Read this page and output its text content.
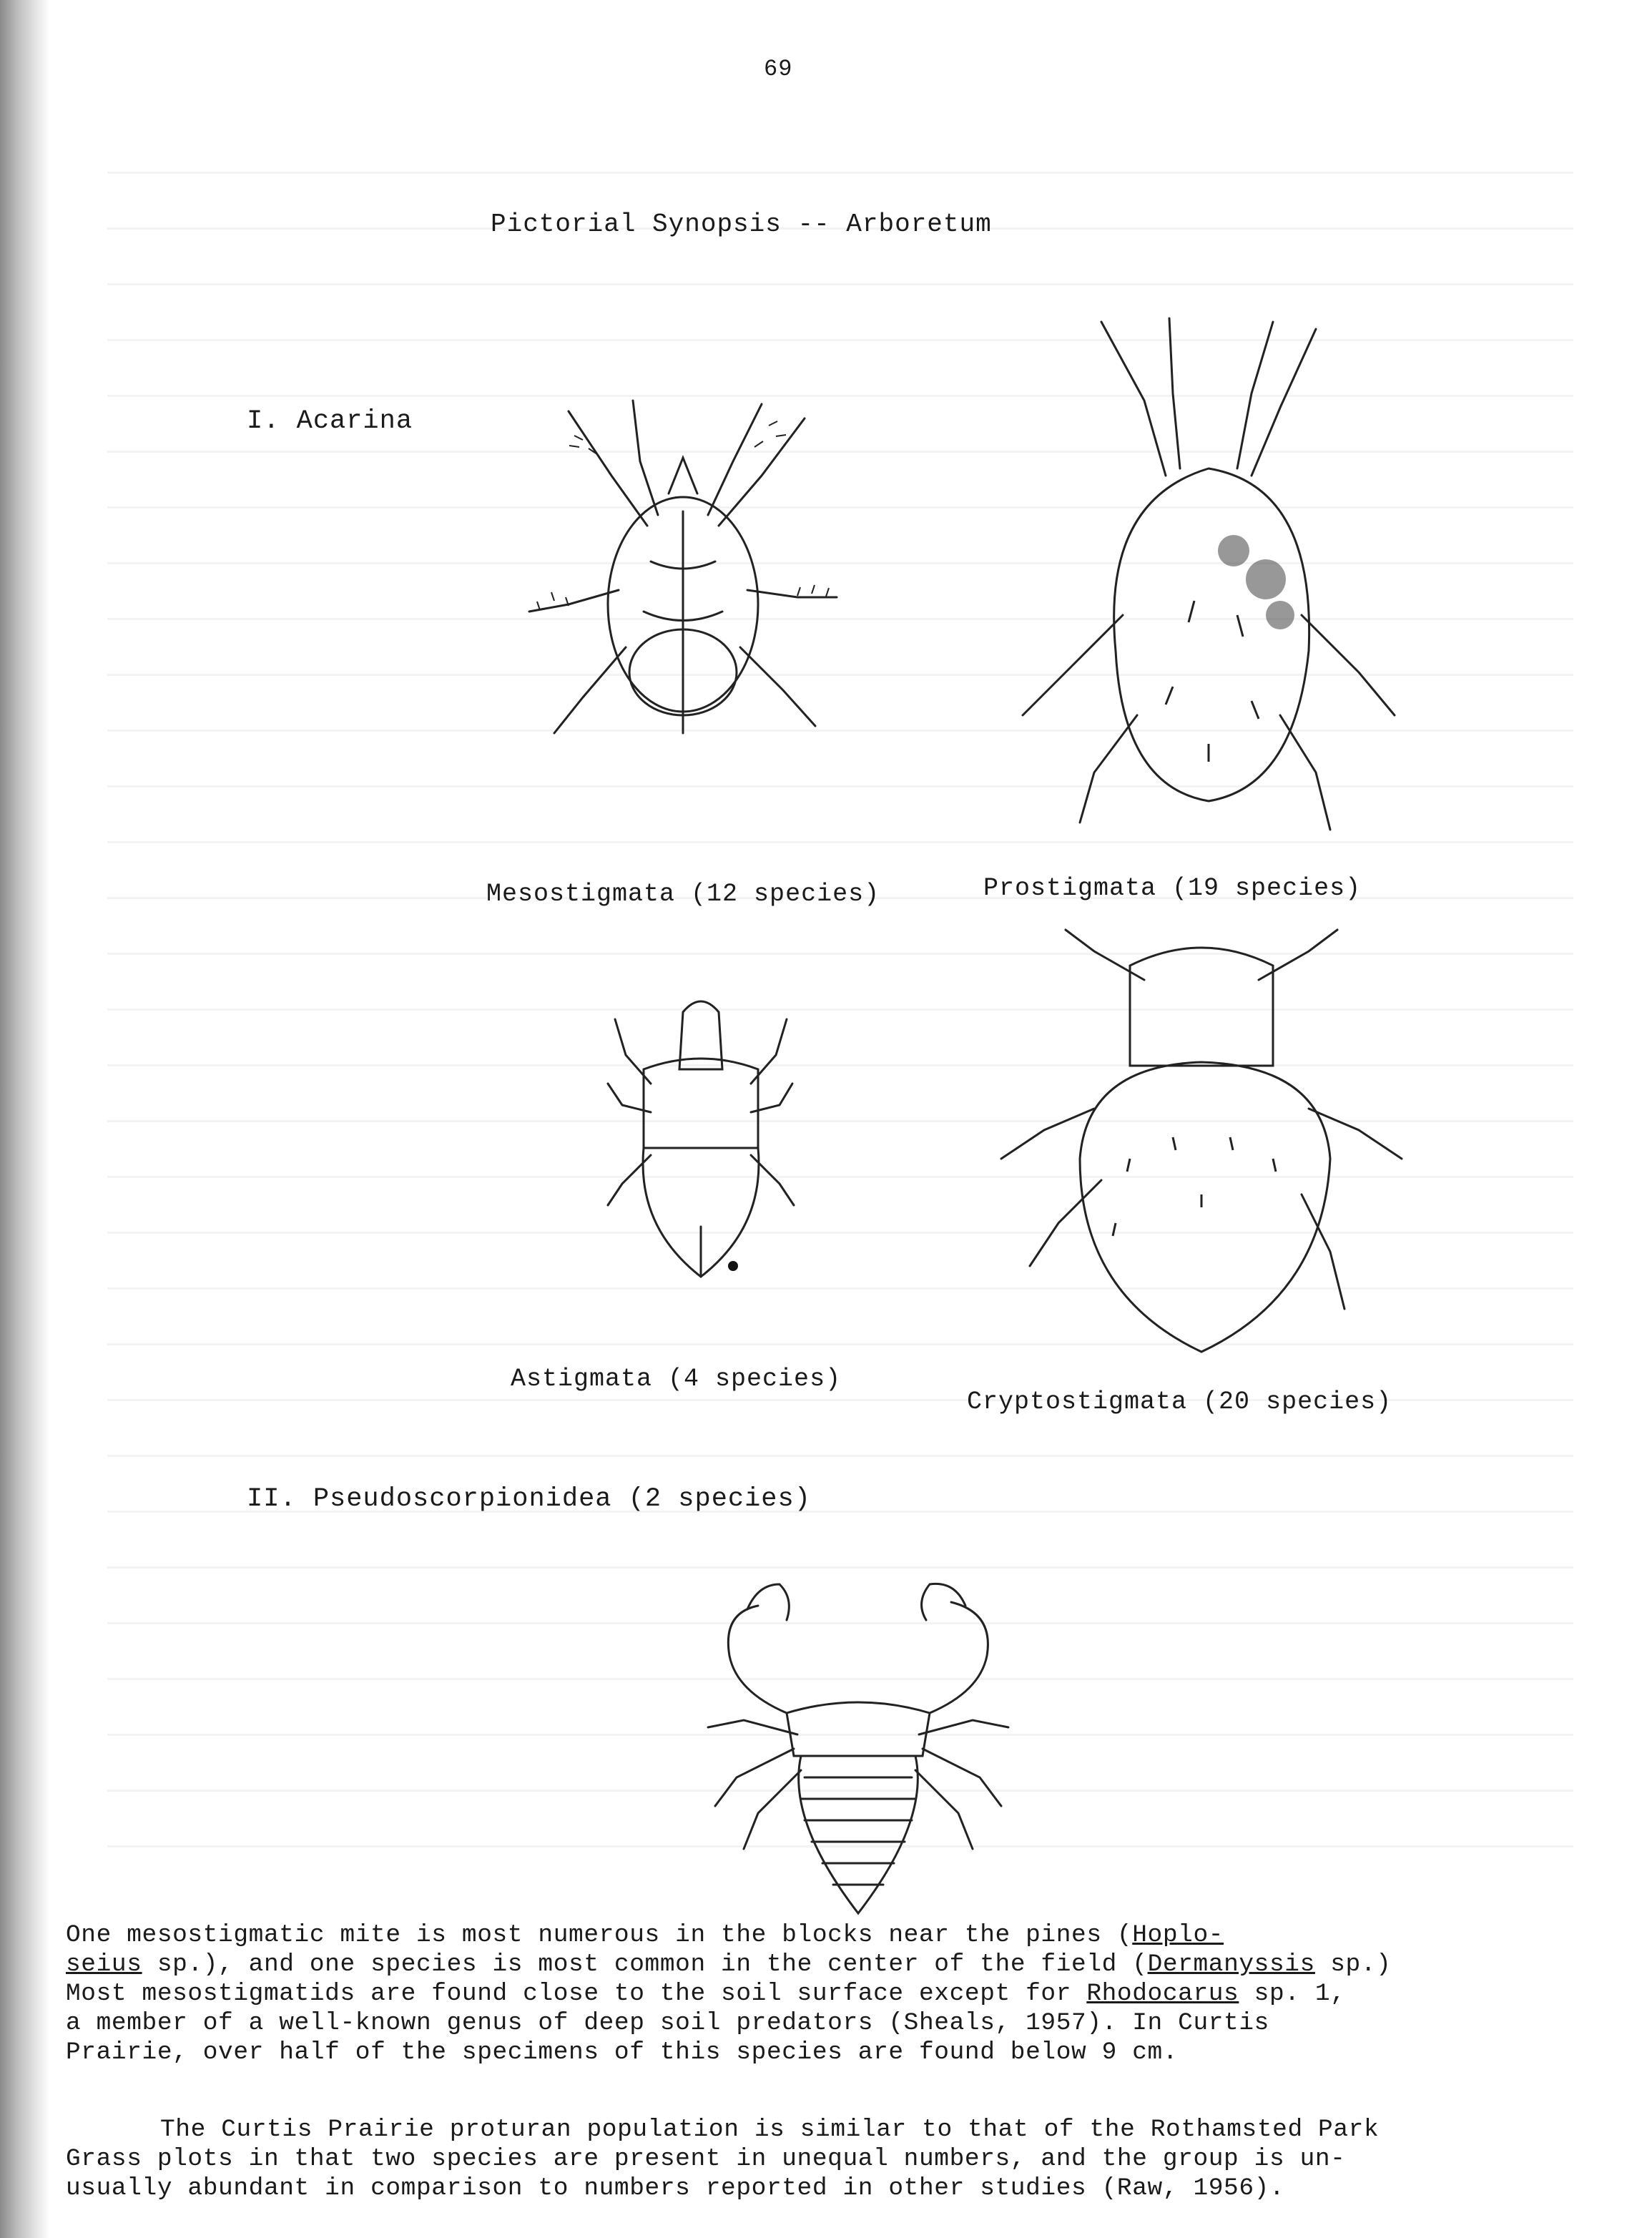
69
Pictorial Synopsis -- Arboretum
I. Acarina
Mesostigmata (12 species)	Prostigmata (19 species)
Astigmata (4 species)
Cryptostigmata (20 species)
II. Pseudoscorpionidea (2 species)
One mesostigmatic mite is most numerous in the blocks near the pines (Hoplo-
seius sp.), and one species is most common in the center of the field (Dermanyssis sp.)
Most mesostigmatids are found close to the soil surface except for Rhodocarus sp. 1,
a member of a well-known genus of deep soil predators (Sheals, 1957). In Curtis
Prairie, over half of the specimens of this species are found below 9 cm.
The Curtis Prairie proturan population is similar to that of the Rothamsted Park
Grass plots in that two species are present in unequal numbers, and the group is un-
usually abundant in comparison to numbers reported in other studies (Raw, 1956).
